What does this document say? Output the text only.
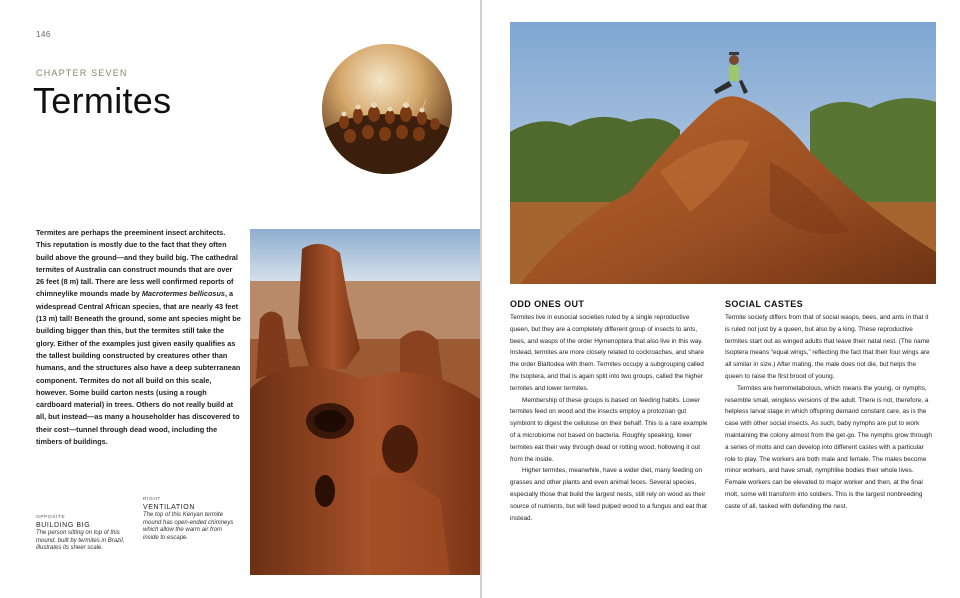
146
CHAPTER SEVEN
Termites

Termites are perhaps the preeminent insect architects. This reputation is mostly due to the fact that they often build above the ground—and they build big. The cathedral termites of Australia can construct mounds that are over 26 feet (8 m) tall. There are less well confirmed reports of chimneylike mounds made by Macrotermes bellicosus, a widespread Central African species, that are nearly 43 feet (13 m) tall! Beneath the ground, some ant species might be building bigger than this, but the termites still take the glory. Either of the examples just given easily qualifies as the tallest building constructed by creatures other than humans, and the structures also have a deep subterranean component. Termites do not all build on this scale, however. Some build carton nests (using a rough cardboard material) in trees. Others do not really build at all, but instead—as many a householder has discovered to their cost—tunnel through dead wood, including the timbers of buildings.

OPPOSITE
BUILDING BIG
The person sitting on top of this mound, built by termites in Brazil, illustrates its sheer scale.
RIGHT
VENTILATION
The top of this Kenyan termite mound has open-ended chimneys which allow the warm air from inside to escape.
ODD ONES OUT

Termites live in eusocial societies ruled by a single reproductive queen, but they are a completely different group of insects to ants, bees, and wasps of the order Hymenoptera that also live in this way. Instead, termites are more closely related to cockroaches, and share the order Blattodea with them. Termites occupy a subgrouping called the Isoptera, and that is again split into two groups, called the higher termites and lower termites.

Membership of these groups is based on feeding habits. Lower termites feed on wood and the insects employ a protozoan gut symbiont to digest the cellulose on their behalf. This is a rare example of a microbiome not based on bacteria. Roughly speaking, lower termites eat their way through dead or rotting wood, hollowing it out from the inside.

Higher termites, meanwhile, have a wider diet, many feeding on grasses and other plants and even animal feces. Several species, especially those that build the largest nests, still rely on wood as their source of nutrients, but will feed pulped wood to a fungus and eat that instead.

SOCIAL CASTES

Termite society differs from that of social wasps, bees, and ants in that it is ruled not just by a queen, but also by a king. These reproductive termites start out as winged adults that leave their natal nest. (The name Isoptera means “equal wings,” reflecting the fact that their four wings are all similar in size.) After mating, the male does not die, but helps the queen to raise the first brood of young.

Termites are hemimetabolous, which means the young, or nymphs, resemble small, wingless versions of the adult. There is not, therefore, a helpless larval stage in which offspring demand constant care, as is the case with other social insects. As such, baby nymphs are put to work maintaining the colony almost from the get-go. The nymphs grow through a series of molts and can develop into different castes with a particular role to play. The workers are both male and female. The males become minor workers, and have small, nymphlike bodies their whole lives. Female workers can be elevated to major worker and then, at the final molt, some will transform into soldiers. This is the largest nonbreeding caste of all, tasked with defending the nest.
